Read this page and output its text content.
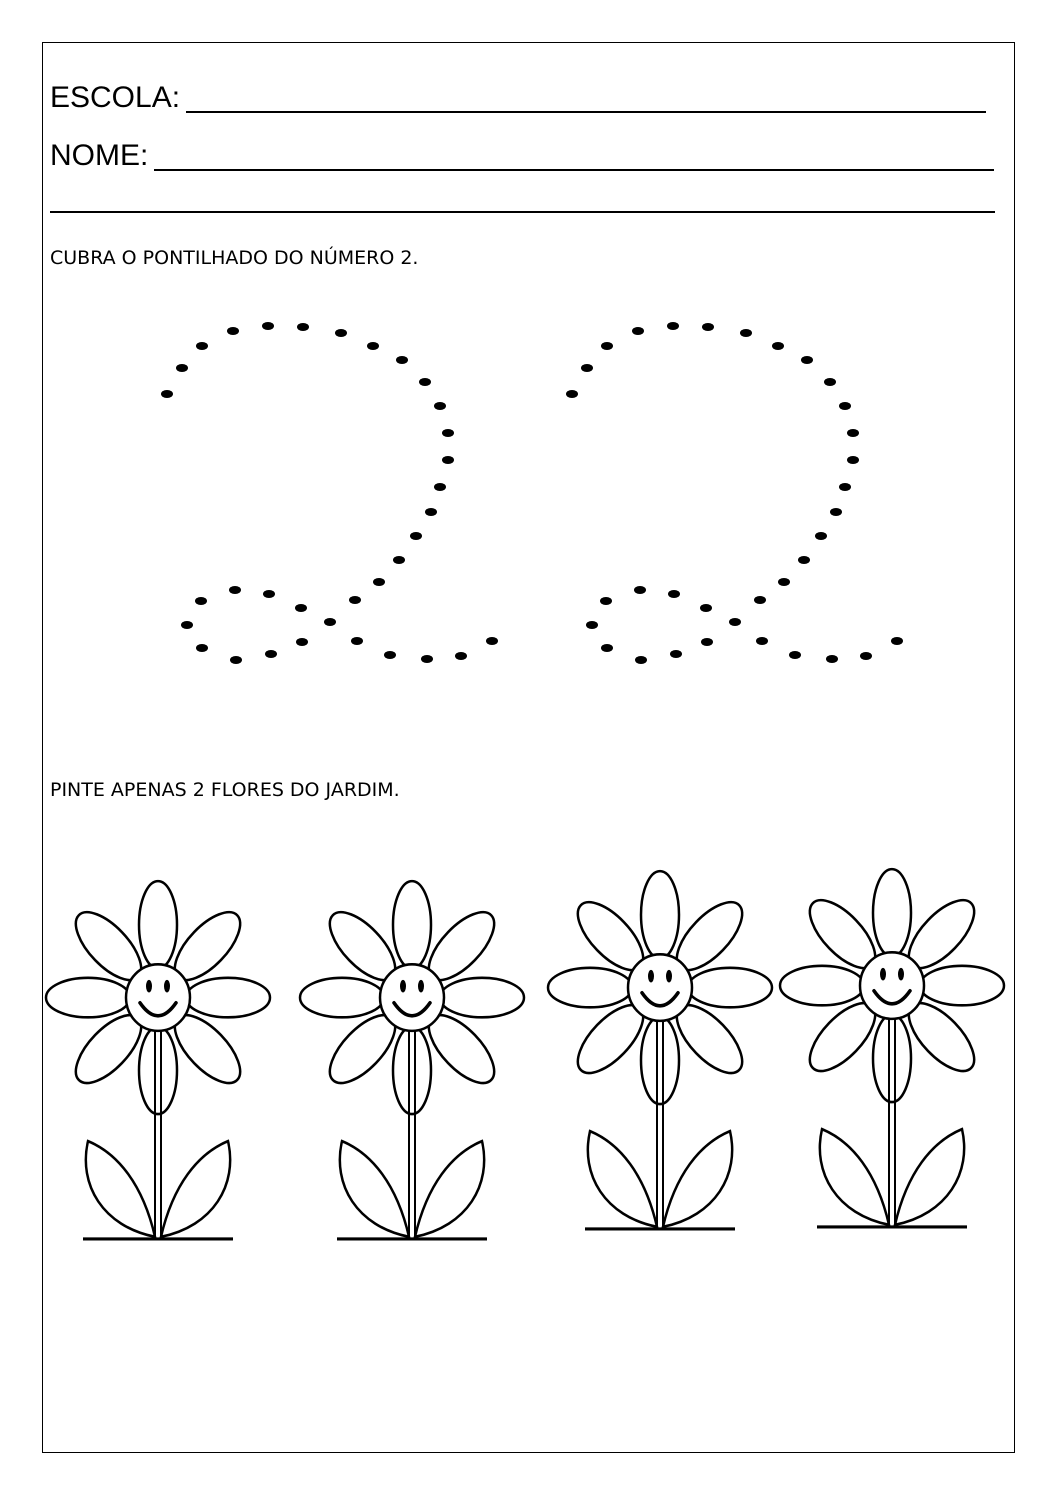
ESCOLA:
NOME:
CUBRA O PONTILHADO DO NÚMERO 2.
PINTE APENAS 2 FLORES DO JARDIM.
